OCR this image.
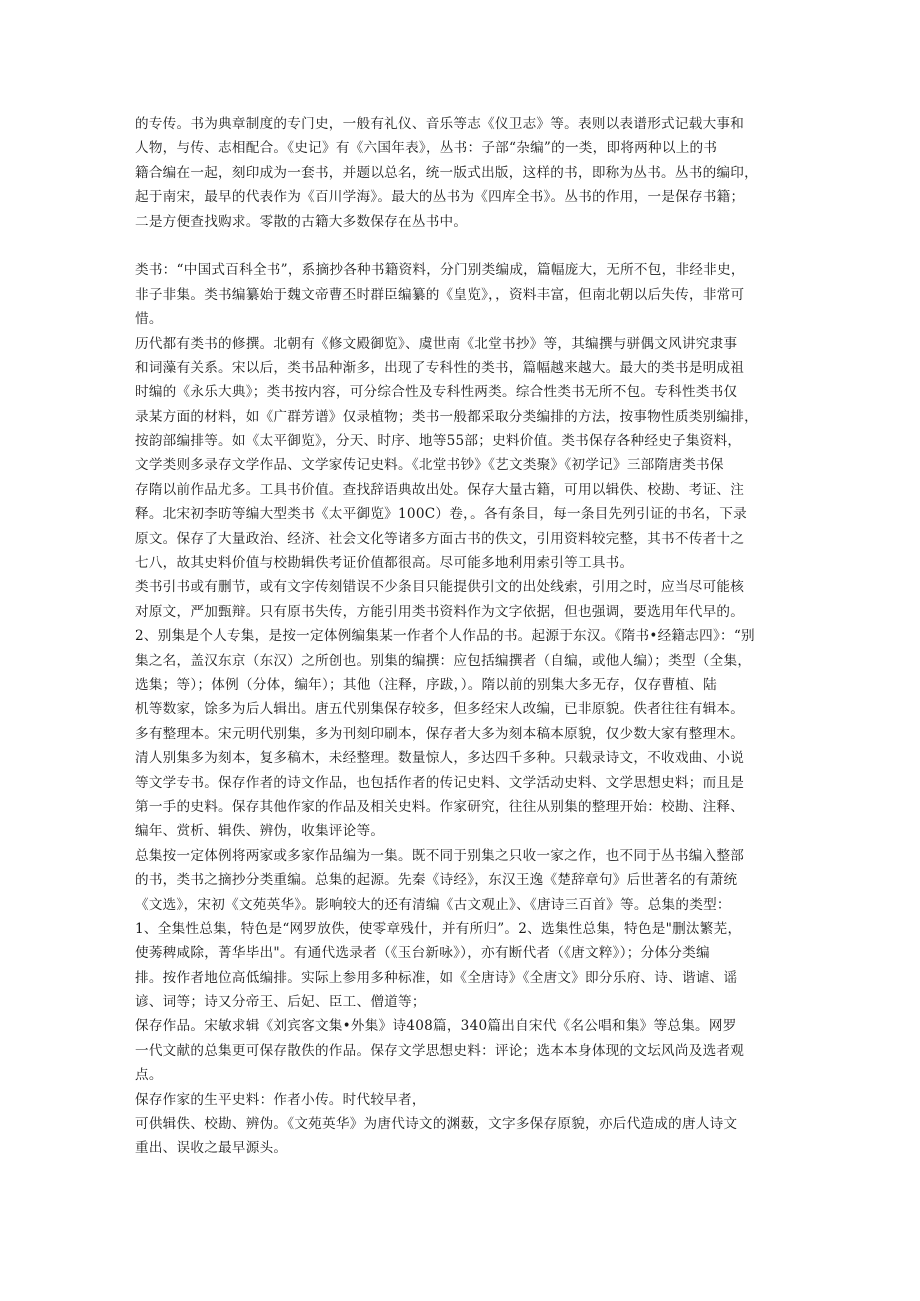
的专传。书为典章制度的专门史，一般有礼仪、音乐等志《仪卫志》等。表则以表谱形式记载大事和
人物，与传、志相配合。《史记》有《六国年表》，丛书：子部“杂编”的一类，即将两种以上的书
籍合编在一起，刻印成为一套书，并题以总名，统一版式出版，这样的书，即称为丛书。丛书的编印，
起于南宋，最早的代表作为《百川学海》。最大的丛书为《四库全书》。丛书的作用，一是保存书籍；
二是方便查找购求。零散的古籍大多数保存在丛书中。
类书：“中国式百科全书”，系摘抄各种书籍资料，分门别类编成，篇幅庞大，无所不包，非经非史，
非子非集。类书编纂始于魏文帝曹丕时群臣编纂的《皇览》，，资料丰富，但南北朝以后失传，非常可
惜。
历代都有类书的修撰。北朝有《修文殿御览》、虞世南《北堂书抄》等，其编撰与骈偶文风讲究隶事
和词藻有关系。宋以后，类书品种渐多，出现了专科性的类书，篇幅越来越大。最大的类书是明成祖
时编的《永乐大典》；类书按内容，可分综合性及专科性两类。综合性类书无所不包。专科性类书仅
录某方面的材料，如《广群芳谱》仅录植物；类书一般都采取分类编排的方法，按事物性质类别编排，
按韵部编排等。如《太平御览》，分天、时序、地等55部；史料价值。类书保存各种经史子集资料，
文学类则多录存文学作品、文学家传记史料。《北堂书钞》《艺文类聚》《初学记》三部隋唐类书保
存隋以前作品尤多。工具书价值。查找辞语典故出处。保存大量古籍，可用以辑佚、校勘、考证、注
释。北宋初李昉等编大型类书《太平御览》100C）卷，。各有条目，每一条目先列引证的书名，下录
原文。保存了大量政治、经济、社会文化等诸多方面古书的佚文，引用资料较完整，其书不传者十之
七八，故其史料价值与校勘辑佚考证价值都很高。尽可能多地利用索引等工具书。
类书引书或有删节，或有文字传刻错误不少条目只能提供引文的出处线索，引用之时，应当尽可能核
对原文，严加甄辩。只有原书失传，方能引用类书资料作为文字依据，但也强调，要选用年代早的。
2、别集是个人专集，是按一定体例编集某一作者个人作品的书。起源于东汉。《隋书•经籍志四》：“别
集之名，盖汉东京（东汉）之所创也。别集的编撰：应包括编撰者（自编，或他人编）；类型（全集，
选集；等）；体例（分体，编年）；其他（注释，序跋，）。隋以前的别集大多无存，仅存曹植、陆
机等数家，馀多为后人辑出。唐五代别集保存较多，但多经宋人改编，已非原貌。佚者往往有辑本。
多有整理本。宋元明代别集，多为刊刻印刷本，保存者大多为刻本稿本原貌，仅少数大家有整理木。
清人别集多为刻本，复多稿木，未经整理。数量惊人，多达四千多种。只载录诗文，不收戏曲、小说
等文学专书。保存作者的诗文作品，也包括作者的传记史料、文学活动史料、文学思想史料；而且是
第一手的史料。保存其他作家的作品及相关史料。作家研究，往往从别集的整理开始：校勘、注释、
编年、赏析、辑佚、辨伪，收集评论等。
总集按一定体例将两家或多家作品编为一集。既不同于别集之只收一家之作，也不同于丛书编入整部
的书，类书之摘抄分类重编。总集的起源。先秦《诗经》，东汉王逸《楚辞章句》后世著名的有萧统
《文选》，宋初《文苑英华》。影响较大的还有清编《古文观止》、《唐诗三百首》等。总集的类型：
1、全集性总集，特色是“网罗放佚，使零章残什，并有所归”。2、选集性总集，特色是"删汰繁芜，
使莠稗咸除，菁华毕出"。有通代选录者（《玉台新咏》），亦有断代者（《唐文粹》）；分体分类编
排。按作者地位高低编排。实际上参用多种标准，如《全唐诗》《全唐文》即分乐府、诗、谐谑、谣
谚、词等；诗又分帝王、后妃、臣工、僧道等；
保存作品。宋敏求辑《刘宾客文集•外集》诗408篇，340篇出自宋代《名公唱和集》等总集。网罗
一代文献的总集更可保存散佚的作品。保存文学思想史料：评论；选本本身体现的文坛风尚及选者观
点。
保存作家的生平史料：作者小传。时代较早者，
可供辑佚、校勘、辨伪。《文苑英华》为唐代诗文的渊薮，文字多保存原貌，亦后代造成的唐人诗文
重出、误收之最早源头。
